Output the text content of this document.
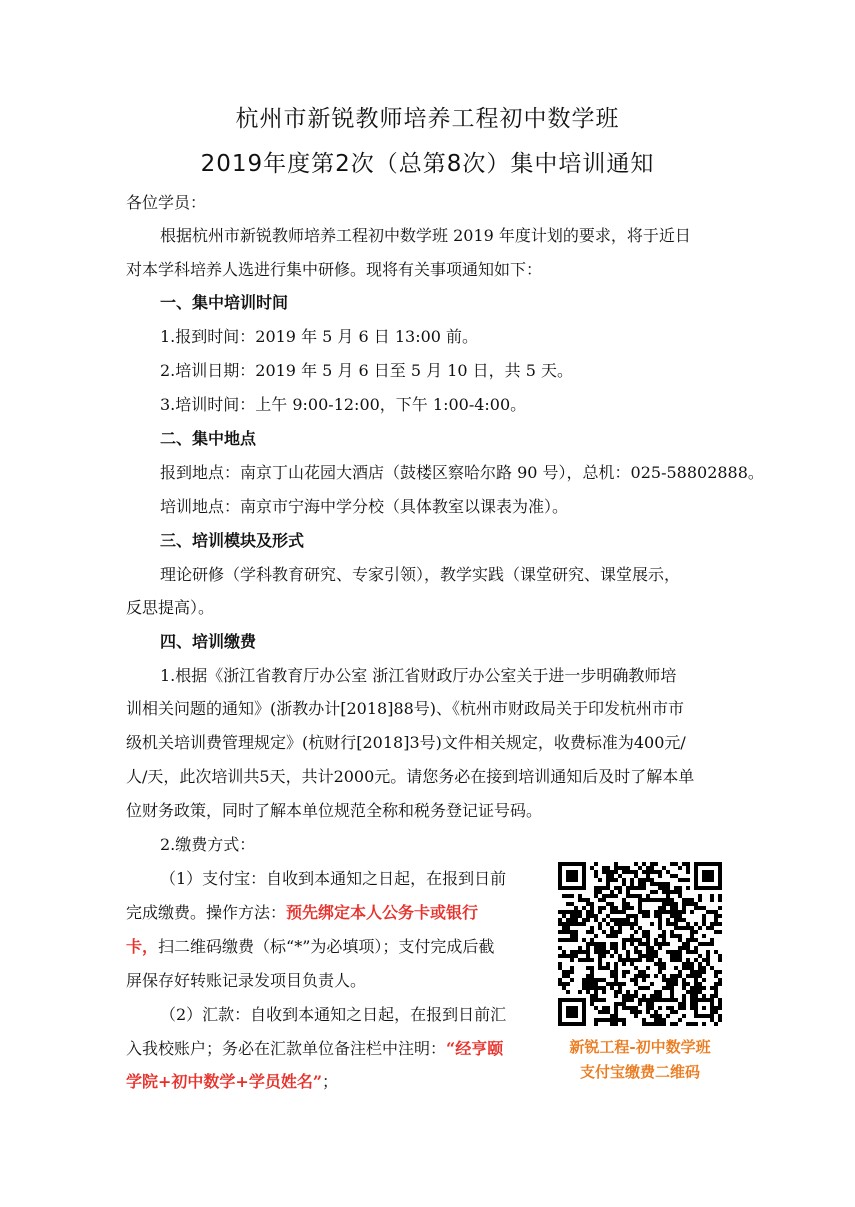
杭州市新锐教师培养工程初中数学班
2019年度第2次（总第8次）集中培训通知
各位学员：
根据杭州市新锐教师培养工程初中数学班 2019 年度计划的要求，将于近日
对本学科培养人选进行集中研修。现将有关事项通知如下：
一、集中培训时间
1.报到时间：2019 年 5 月 6 日 13:00 前。
2.培训日期：2019 年 5 月 6 日至 5 月 10 日，共 5 天。
3.培训时间：上午 9:00-12:00，下午 1:00-4:00。
二、集中地点
报到地点：南京丁山花园大酒店（鼓楼区察哈尔路 90 号），总机：025-58802888。
培训地点：南京市宁海中学分校（具体教室以课表为准）。
三、培训模块及形式
理论研修（学科教育研究、专家引领），教学实践（课堂研究、课堂展示，
反思提高）。
四、培训缴费
1.根据《浙江省教育厅办公室 浙江省财政厅办公室关于进一步明确教师培
训相关问题的通知》(浙教办计[2018]88号)、《杭州市财政局关于印发杭州市市
级机关培训费管理规定》(杭财行[2018]3号)文件相关规定，收费标准为400元/
人/天，此次培训共5天，共计2000元。请您务必在接到培训通知后及时了解本单
位财务政策，同时了解本单位规范全称和税务登记证号码。
2.缴费方式：
（1）支付宝：自收到本通知之日起，在报到日前
完成缴费。操作方法：预先绑定本人公务卡或银行
卡，扫二维码缴费（标“*”为必填项）；支付完成后截
屏保存好转账记录发项目负责人。
（2）汇款：自收到本通知之日起，在报到日前汇
入我校账户；务必在汇款单位备注栏中注明：“经亨颐
学院+初中数学+学员姓名”；
新锐工程-初中数学班
支付宝缴费二维码
